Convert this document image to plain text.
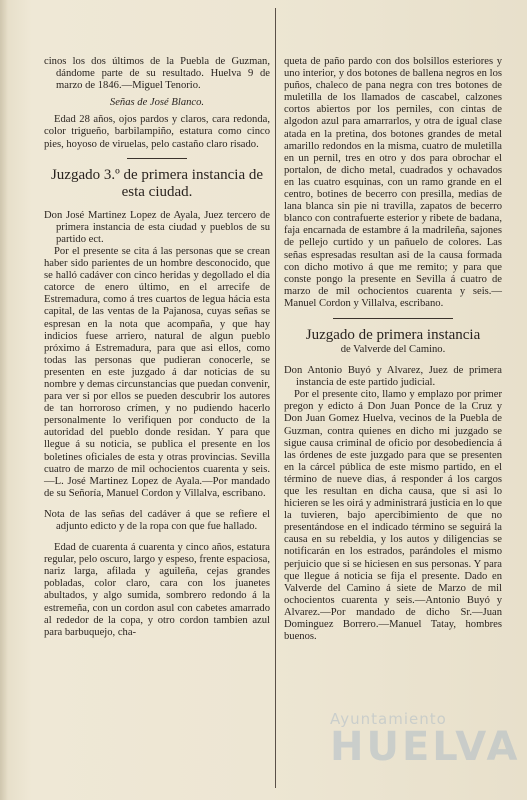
cinos los dos últimos de la Puebla de Guzman, dándome parte de su resultado. Huelva 9 de marzo de 1846.—Miguel Tenorio.

Señas de José Blanco.

Edad 28 años, ojos pardos y claros, cara redonda, color trigueño, barbilampiño, estatura como cinco pies, hoyoso de viruelas, pelo castaño claro risado.

Juzgado 3.º de primera instancia de esta ciudad.

Don José Martinez Lopez de Ayala, Juez tercero de primera instancia de esta ciudad y pueblos de su partido ect.

Por el presente se cita á las personas que se crean haber sido parientes de un hombre desconocido, que se halló cadáver con cinco heridas y degollado el dia catorce de enero último, en el arrecife de Estremadura, como á tres cuartos de legua hácia esta capital, de las ventas de la Pajanosa, cuyas señas se espresan en la nota que acompaña, y que hay indicios fuese arriero, natural de algun pueblo próximo á Estremadura, para que asi ellos, como todas las personas que pudieran conocerle, se presenten en este juzgado á dar noticias de su nombre y demas circunstancias que puedan convenir, para ver si por ellos se pueden descubrir los autores de tan horroroso crímen, y no pudiendo hacerlo personalmente lo verifiquen por conducto de la autoridad del pueblo donde residan. Y para que llegue á su noticia, se publica el presente en los boletines oficiales de esta y otras provincias. Sevilla cuatro de marzo de mil ochocientos cuarenta y seis.—L. José Martinez Lopez de Ayala.—Por mandado de su Señoría, Manuel Cordon y Villalva, escribano.

Nota de las señas del cadáver á que se refiere el adjunto edicto y de la ropa con que fue hallado.

Edad de cuarenta á cuarenta y cinco años, estatura regular, pelo oscuro, largo y espeso, frente espaciosa, nariz larga, afilada y aguileña, cejas grandes pobladas, color claro, cara con los juanetes abultados, y algo sumida, sombrero redondo á la estremeña, con un cordon asul con cabetes amarrado al rededor de la copa, y otro cordon tambien azul para barbuquejo, cha-

queta de paño pardo con dos bolsillos esteriores y uno interior, y dos botones de ballena negros en los puños, chaleco de pana negra con tres botones de muletilla de los llamados de cascabel, calzones cortos abiertos por los perniles, con cintas de algodon azul para amarrarlos, y otra de igual clase atada en la pretina, dos botones grandes de metal amarillo redondos en la misma, cuatro de muletilla en un pernil, tres en otro y dos para obrochar el portalon, de dicho metal, cuadrados y ochavados en las cuatro esquinas, con un ramo grande en el centro, botines de becerro con presilla, medias de lana blanca sin pie ni travilla, zapatos de becerro blanco con contrafuerte esterior y ribete de badana, faja encarnada de estambre á la madrileña, sajones de pellejo curtido y un pañuelo de colores. Las señas espresadas resultan asi de la causa formada con dicho motivo á que me remito; y para que conste pongo la presente en Sevilla á cuatro de marzo de mil ochocientos cuarenta y seis.—Manuel Cordon y Villalva, escribano.

Juzgado de primera instancia

de Valverde del Camino.

Don Antonio Buyó y Alvarez, Juez de primera instancia de este partido judicial.

Por el presente cito, llamo y emplazo por primer pregon y edicto á Don Juan Ponce de la Cruz y Don Juan Gomez Huelva, vecinos de la Puebla de Guzman, contra quienes en dicho mi juzgado se sigue causa criminal de oficio por desobediencia á las órdenes de este juzgado para que se presenten en la cárcel pública de este mismo partido, en el término de nueve dias, á responder á los cargos que les resultan en dicha causa, que si asi lo hicieren se les oirá y administrará justicia en lo que la tuvieren, bajo apercibimiento de que no presentándose en el indicado término se seguirá la causa en su rebeldia, y los autos y diligencias se notificarán en los estrados, parándoles el mismo perjuicio que si se hiciesen en sus personas. Y para que llegue á noticia se fija el presente. Dado en Valverde del Camino á siete de Marzo de mil ochocientos cuarenta y seis.—Antonio Buyó y Alvarez.—Por mandado de dicho Sr.—Juan Dominguez Borrero.—Manuel Tatay, hombres buenos.

Ayuntamiento
HUELVA
